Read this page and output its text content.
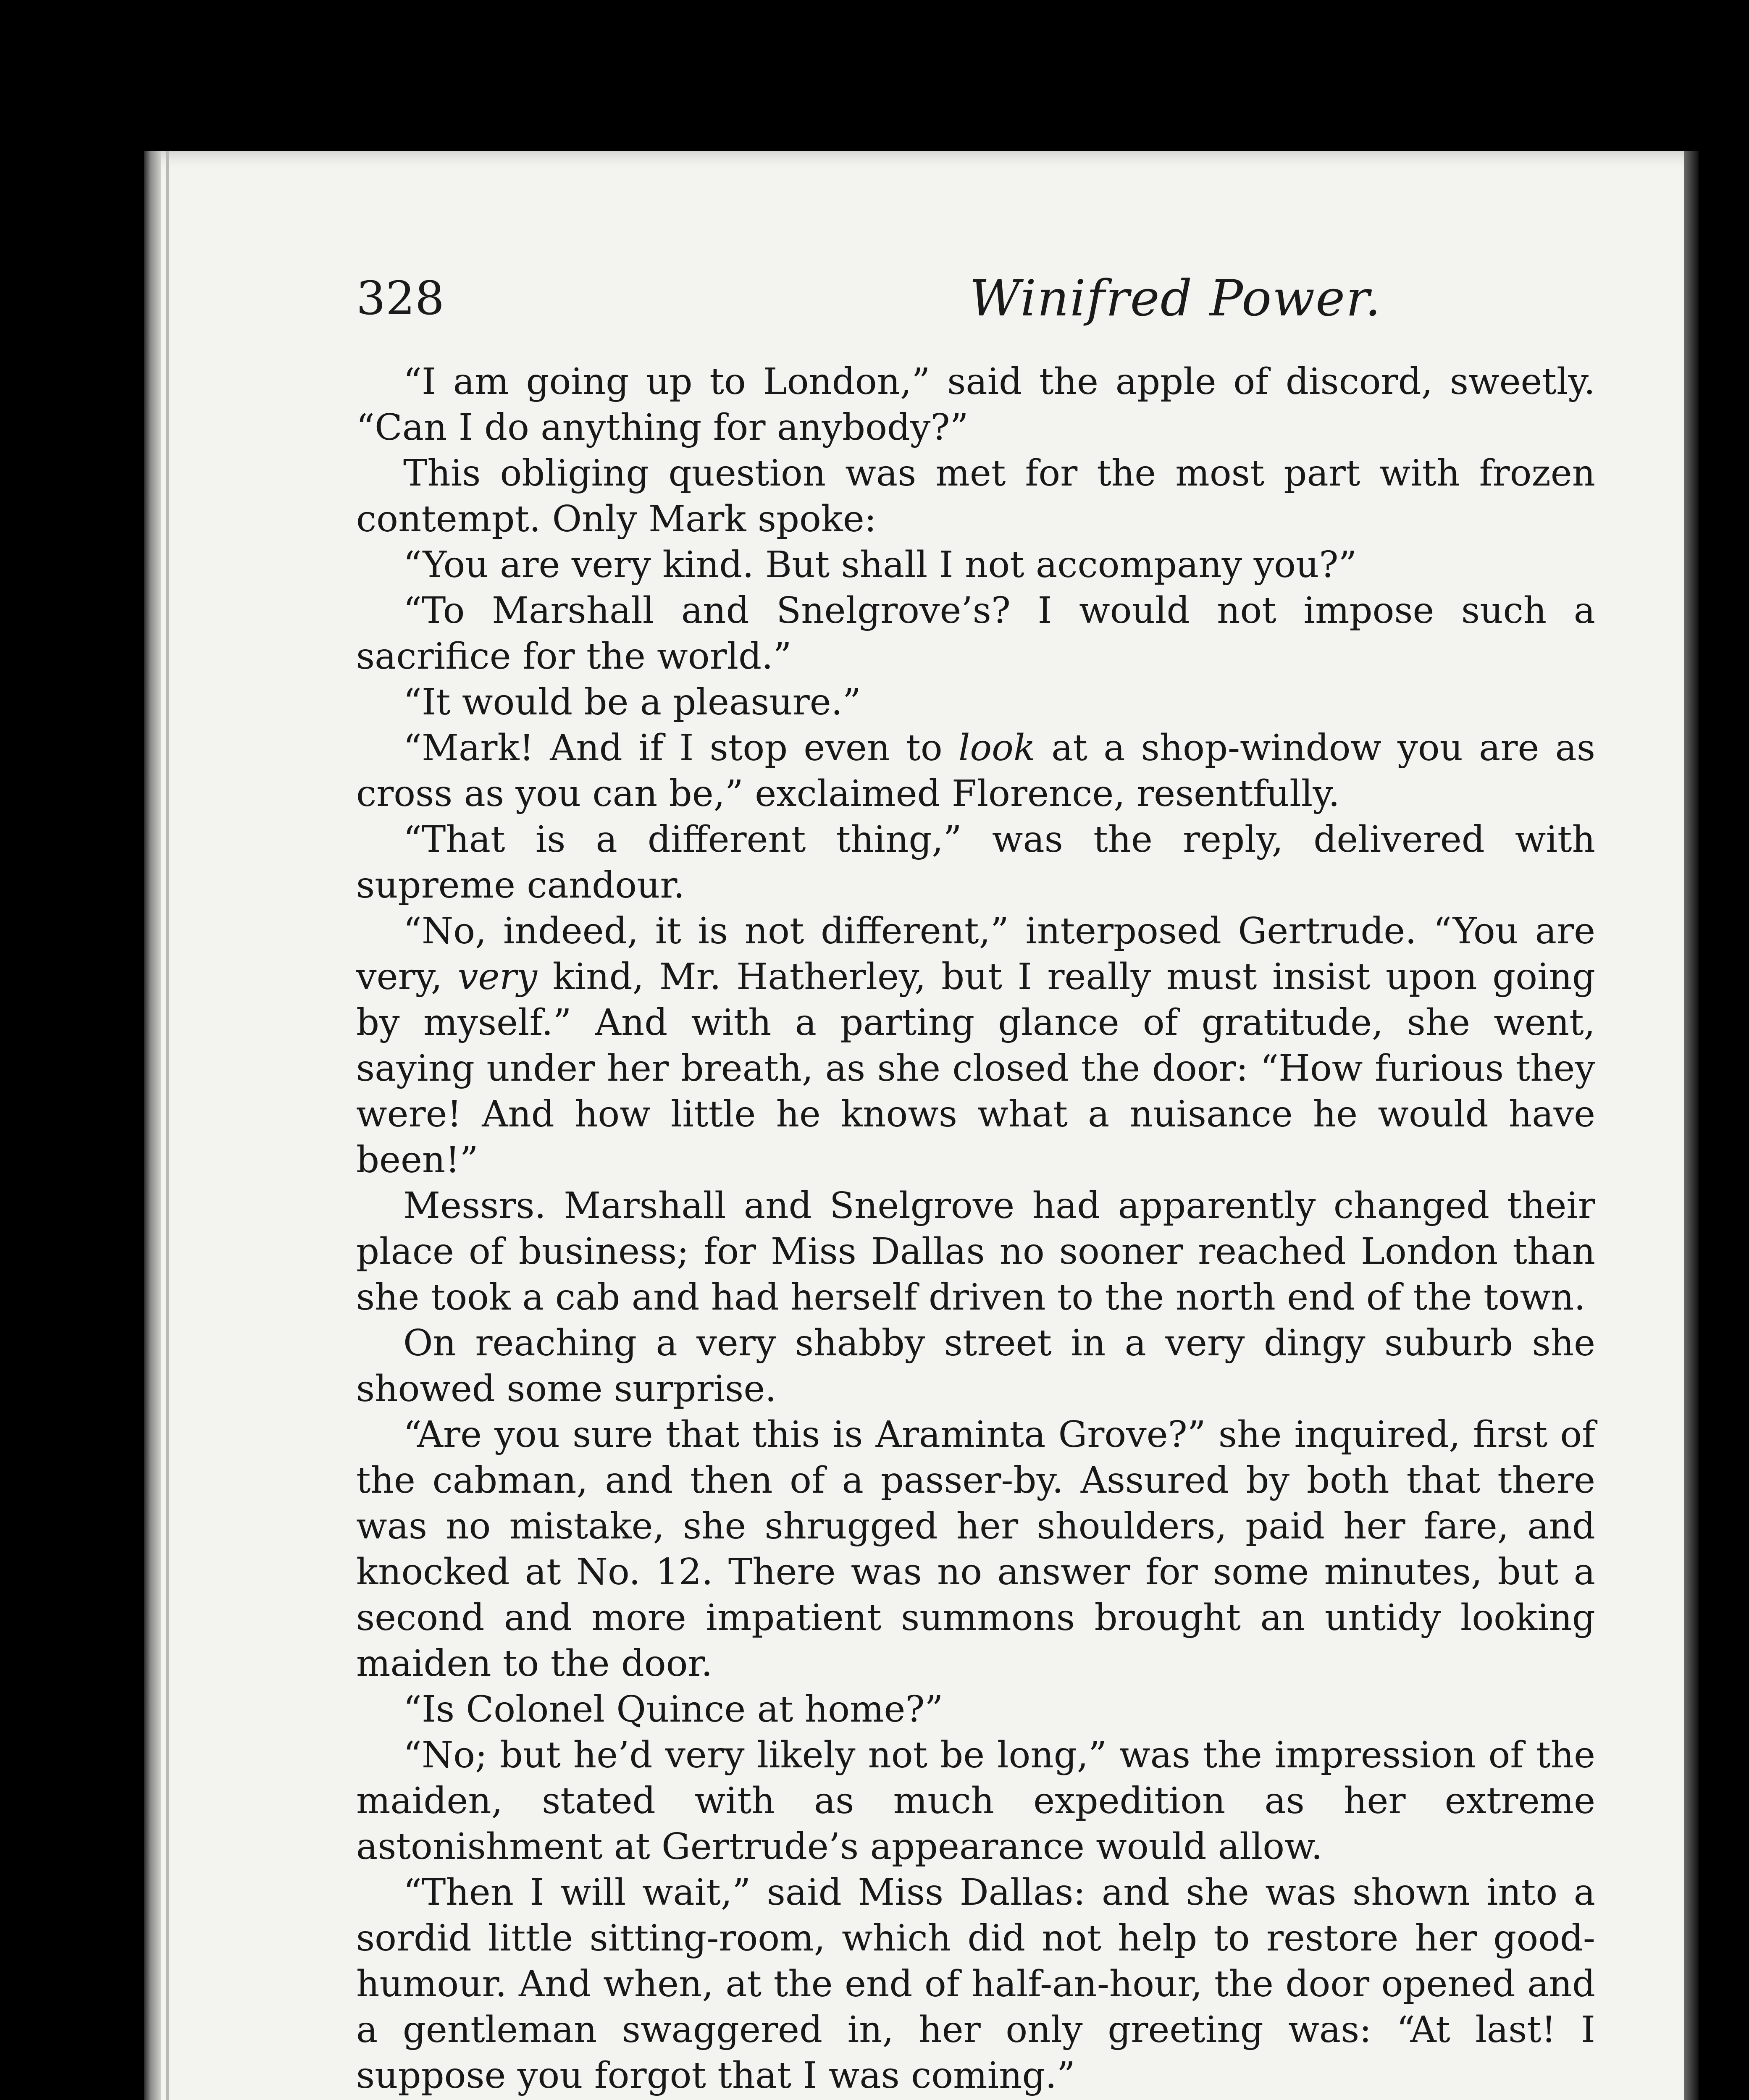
328	Winifred Power.

“I am going up to London,” said the apple of discord, sweetly. “Can I do anything for anybody?”

This obliging question was met for the most part with frozen contempt. Only Mark spoke:

“You are very kind. But shall I not accompany you?”

“To Marshall and Snelgrove’s? I would not impose such a sacrifice for the world.”

“It would be a pleasure.”

“Mark! And if I stop even to look at a shop-window you are as cross as you can be,” exclaimed Florence, resentfully.

“That is a different thing,” was the reply, delivered with supreme candour.

“No, indeed, it is not different,” interposed Gertrude. “You are very, very kind, Mr. Hatherley, but I really must insist upon going by myself.” And with a parting glance of gratitude, she went, saying under her breath, as she closed the door: “How furious they were! And how little he knows what a nuisance he would have been!”

Messrs. Marshall and Snelgrove had apparently changed their place of business; for Miss Dallas no sooner reached London than she took a cab and had herself driven to the north end of the town.

On reaching a very shabby street in a very dingy suburb she showed some surprise.

“Are you sure that this is Araminta Grove?” she inquired, first of the cabman, and then of a passer-by. Assured by both that there was no mistake, she shrugged her shoulders, paid her fare, and knocked at No. 12. There was no answer for some minutes, but a second and more impatient summons brought an untidy looking maiden to the door.

“Is Colonel Quince at home?”

“No; but he’d very likely not be long,” was the impression of the maiden, stated with as much expedition as her extreme astonishment at Gertrude’s appearance would allow.

“Then I will wait,” said Miss Dallas: and she was shown into a sordid little sitting-room, which did not help to restore her good-humour. And when, at the end of half-an-hour, the door opened and a gentleman swaggered in, her only greeting was: “At last! I suppose you forgot that I was coming.”
